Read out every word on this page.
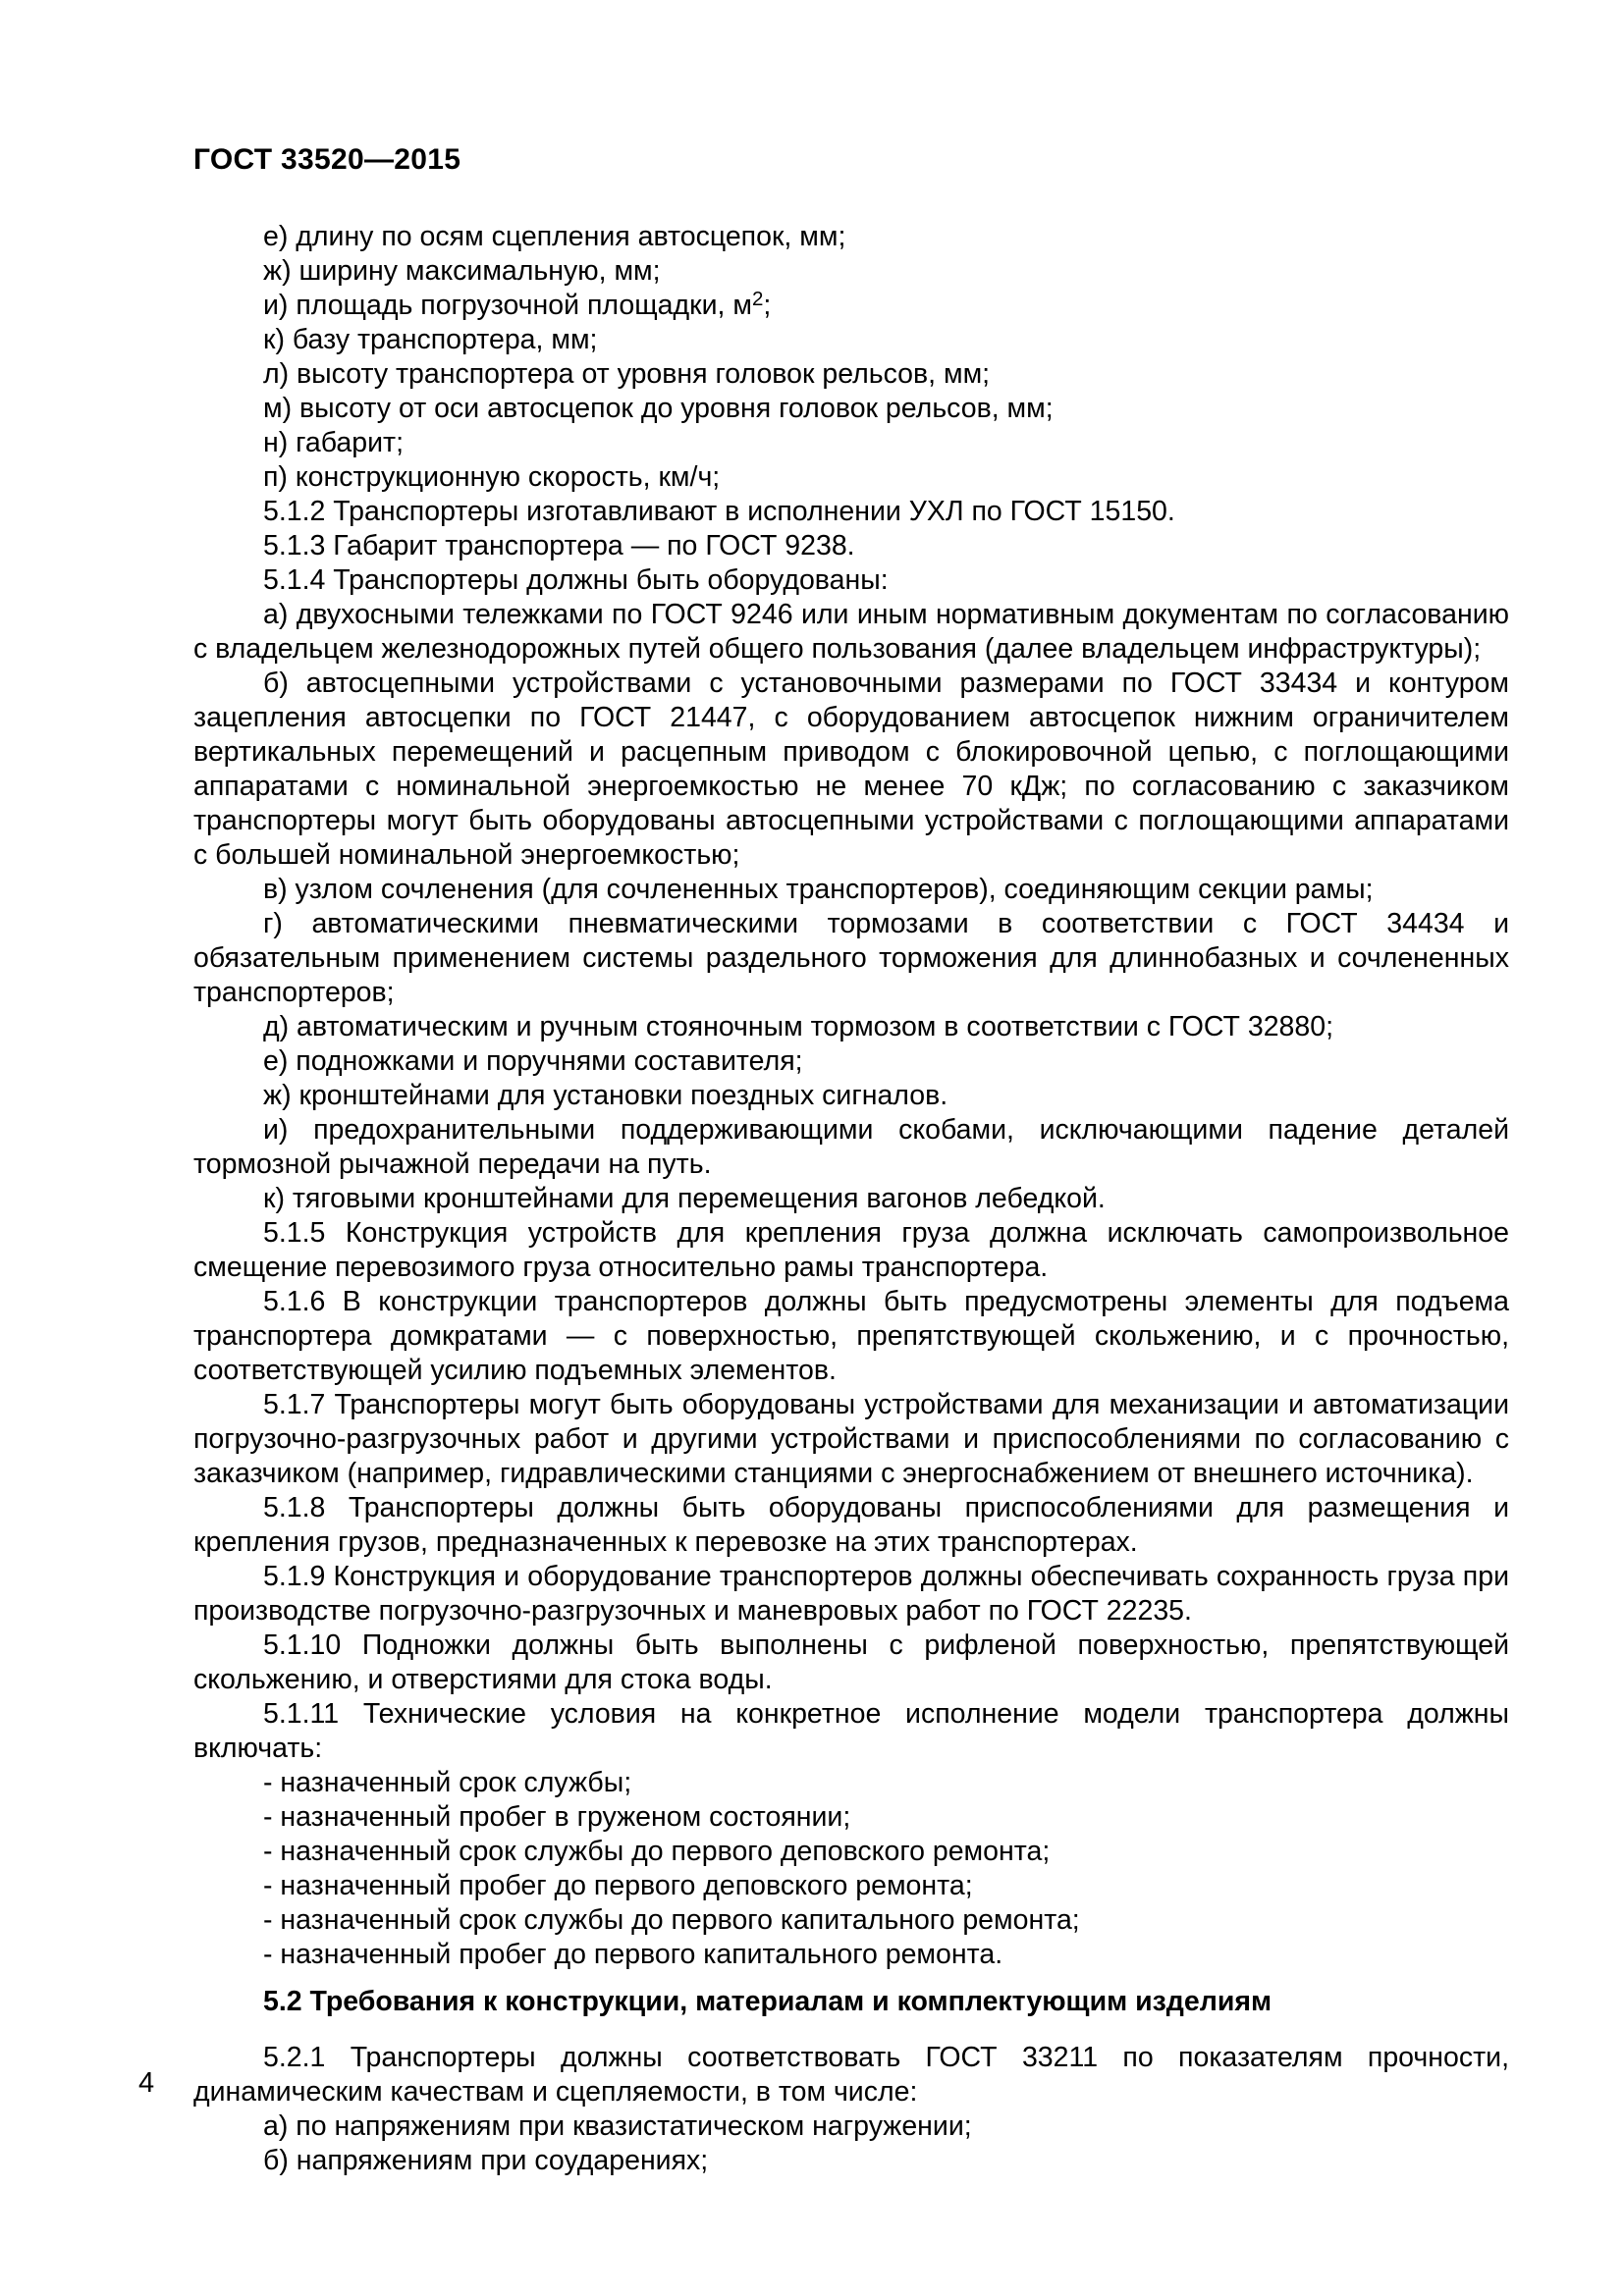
ГОСТ 33520—2015

е) длину по осям сцепления автосцепок, мм;

ж) ширину максимальную, мм;

и) площадь погрузочной площадки, $м^2$;

к) базу транспортера, мм;

л) высоту транспортера от уровня головок рельсов, мм;

м) высоту от оси автосцепок до уровня головок рельсов, мм;

н) габарит;

п) конструкционную скорость, км/ч;

5.1.2 Транспортеры изготавливают в исполнении УХЛ по ГОСТ 15150.

5.1.3 Габарит транспортера — по ГОСТ 9238.

5.1.4 Транспортеры должны быть оборудованы:

а) двухосными тележками по ГОСТ 9246 или иным нормативным документам по согласованию с владельцем железнодорожных путей общего пользования (далее владельцем инфраструктуры);

б) автосцепными устройствами с установочными размерами по ГОСТ 33434 и контуром зацепления автосцепки по ГОСТ 21447, с оборудованием автосцепок нижним ограничителем вертикальных перемещений и расцепным приводом с блокировочной цепью, с поглощающими аппаратами с номинальной энергоемкостью не менее 70 кДж; по согласованию с заказчиком транспортеры могут быть оборудованы автосцепными устройствами с поглощающими аппаратами с большей номинальной энергоемкостью;

в) узлом сочленения (для сочлененных транспортеров), соединяющим секции рамы;

г) автоматическими пневматическими тормозами в соответствии с ГОСТ 34434 и обязательным применением системы раздельного торможения для длиннобазных и сочлененных транспортеров;

д) автоматическим и ручным стояночным тормозом в соответствии с ГОСТ 32880;

е) подножками и поручнями составителя;

ж) кронштейнами для установки поездных сигналов.

и) предохранительными поддерживающими скобами, исключающими падение деталей тормозной рычажной передачи на путь.

к) тяговыми кронштейнами для перемещения вагонов лебедкой.

5.1.5 Конструкция устройств для крепления груза должна исключать самопроизвольное смещение перевозимого груза относительно рамы транспортера.

5.1.6 В конструкции транспортеров должны быть предусмотрены элементы для подъема транспортера домкратами — с поверхностью, препятствующей скольжению, и с прочностью, соответствующей усилию подъемных элементов.

5.1.7 Транспортеры могут быть оборудованы устройствами для механизации и автоматизации погрузочно-разгрузочных работ и другими устройствами и приспособлениями по согласованию с заказчиком (например, гидравлическими станциями с энергоснабжением от внешнего источника).

5.1.8 Транспортеры должны быть оборудованы приспособлениями для размещения и крепления грузов, предназначенных к перевозке на этих транспортерах.

5.1.9 Конструкция и оборудование транспортеров должны обеспечивать сохранность груза при производстве погрузочно-разгрузочных и маневровых работ по ГОСТ 22235.

5.1.10 Подножки должны быть выполнены с рифленой поверхностью, препятствующей скольжению, и отверстиями для стока воды.

5.1.11 Технические условия на конкретное исполнение модели транспортера должны включать:

- назначенный срок службы;

- назначенный пробег в груженом состоянии;

- назначенный срок службы до первого деповского ремонта;

- назначенный пробег до первого деповского ремонта;

- назначенный срок службы до первого капитального ремонта;

- назначенный пробег до первого капитального ремонта.

5.2 Требования к конструкции, материалам и комплектующим изделиям

5.2.1 Транспортеры должны соответствовать ГОСТ 33211 по показателям прочности, динамическим качествам и сцепляемости, в том числе:

а) по напряжениям при квазистатическом нагружении;

б) напряжениям при соударениях;

4
